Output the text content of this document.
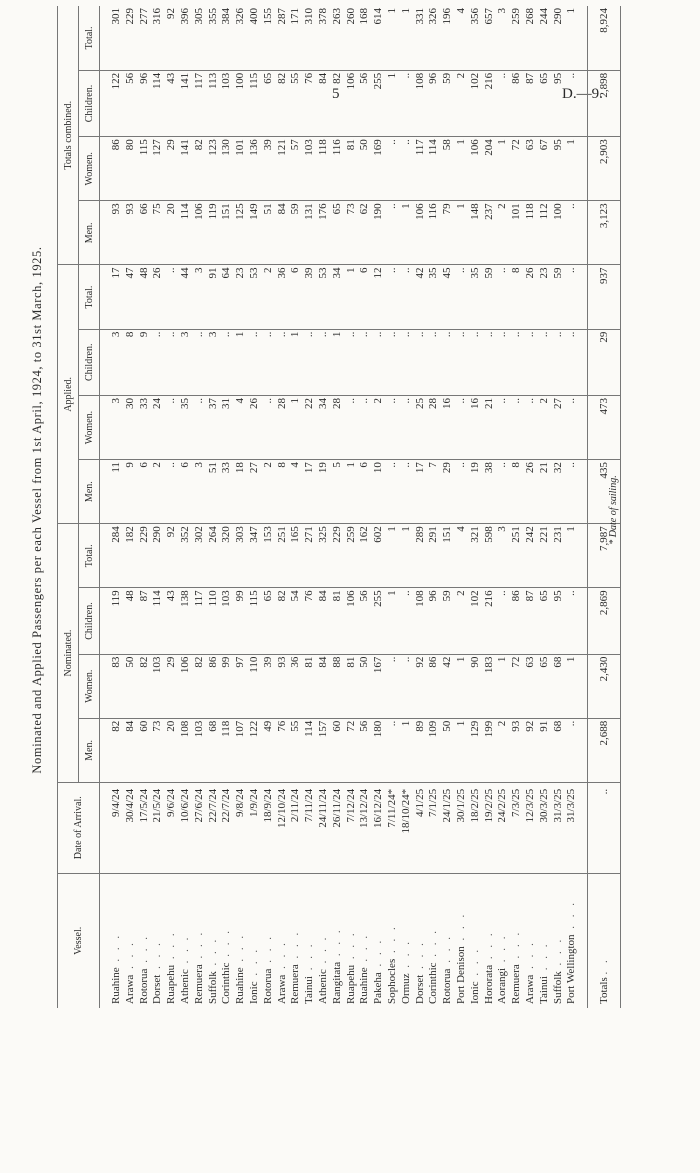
5	D.—9.
Nominated and Applied Passengers per each Vessel from 1st April, 1924, to 31st March, 1925.
Vessel.	Date of Arrival.	Nominated.				Applied.				Totals combined.			
		Men.	Women.	Children.	Total.	Men.	Women.	Children.	Total.	Men.	Women.	Children.	Total.
Ruahine . . .	9/4/24	82	83	119	284	11	3	3	17	93	86	122	301
Arawa . . .	30/4/24	84	50	48	182	9	30	8	47	93	80	56	229
Rotorua . . .	17/5/24	60	82	87	229	6	33	9	48	66	115	96	277
Dorset . . .	21/5/24	73	103	114	290	2	24	..	26	75	127	114	316
Ruapehu . . .	9/6/24	20	29	43	92	..	..	..	..	20	29	43	92
Athenic . . .	10/6/24	108	106	138	352	6	35	3	44	114	141	141	396
Remuera . . .	27/6/24	103	82	117	302	3	..	..	3	106	82	117	305
Suffolk . . .	22/7/24	68	86	110	264	51	37	3	91	119	123	113	355
Corinthic . . .	22/7/24	118	99	103	320	33	31	..	64	151	130	103	384
Ruahine . . .	9/8/24	107	97	99	303	18	4	1	23	125	101	100	326
Ionic . . .	1/9/24	122	110	115	347	27	26	..	53	149	136	115	400
Rotorua . . .	18/9/24	49	39	65	153	2	..	..	2	51	39	65	155
Arawa . . .	12/10/24	76	93	82	251	8	28	..	36	84	121	82	287
Remuera . . .	2/11/24	55	36	54	165	4	1	1	6	59	57	55	171
Tainui . . .	7/11/24	114	81	76	271	17	22	..	39	131	103	76	310
Athenic . . .	24/11/24	157	84	84	325	19	34	..	53	176	118	84	378
Rangitata . . .	26/11/24	60	88	81	229	5	28	1	34	65	116	82	263
Ruapehu . . .	7/12/24	72	81	106	259	1	..	..	1	73	81	106	260
Ruahine . . .	13/12/24	56	50	56	162	6	..	..	6	62	50	56	168
Pakeha . . .	16/12/24	180	167	255	602	10	2	..	12	190	169	255	614
Sophocles . . .	7/11/24*	..	..	1	1	..	..	..	..	..	..	1	1
Ormuz . . .	18/10/24*	1	..	..	1	..	..	..	..	1	..	..	1
Dorset . . .	4/1/25	89	92	108	289	17	25	..	42	106	117	108	331
Corinthic . . .	7/1/25	109	86	96	291	7	28	..	35	116	114	96	326
Rotorua . . .	24/1/25	50	42	59	151	29	16	..	45	79	58	59	196
Port Denison . . .	30/1/25	1	1	2	4	..	..	..	..	1	1	2	4
Ionic . . .	18/2/25	129	90	102	321	19	16	..	35	148	106	102	356
Hororata . . .	19/2/25	199	183	216	598	38	21	..	59	237	204	216	657
Aorangi . . .	24/2/25	2	1	..	3	..	..	..	..	2	1	..	3
Remuera . . .	7/3/25	93	72	86	251	8	..	..	8	101	72	86	259
Arawa . . .	12/3/25	92	63	87	242	26	..	..	26	118	63	87	268
Tainui . . .	30/3/25	91	65	65	221	21	2	..	23	112	67	65	244
Suffolk . . .	31/3/25	68	68	95	231	32	27	..	59	100	95	95	290
Port Wellington . . .	31/3/25	..	1	..	1	..	..	..	..	..	1	..	1
Totals . .	..	2,688	2,430	2,869	7,987	435	473	29	937	3,123	2,903	2,898	8,924
* Date of sailing.
